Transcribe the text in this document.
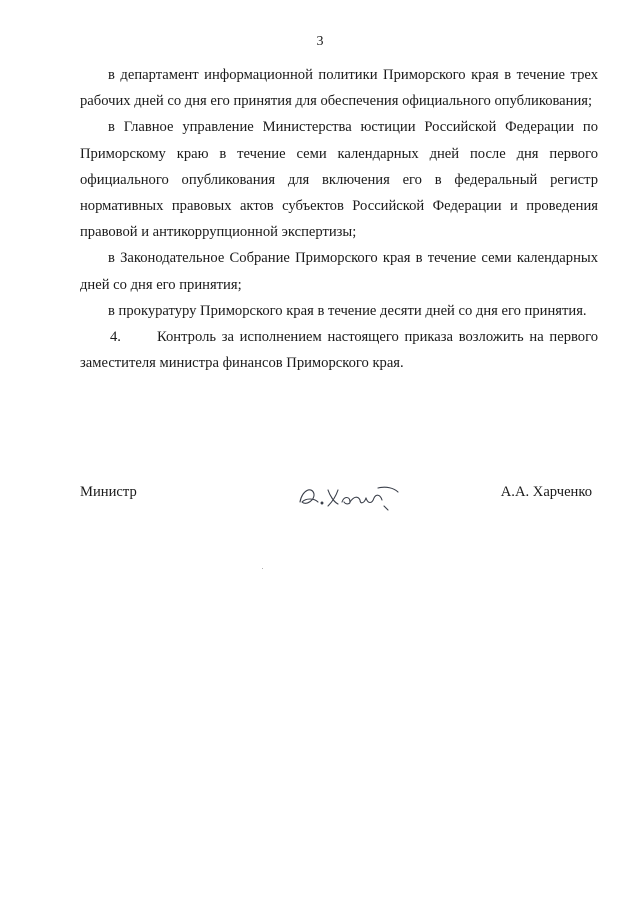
3

в департамент информационной политики Приморского края в течение трех рабочих дней со дня его принятия для обеспечения официального опубликования;

в Главное управление Министерства юстиции Российской Федерации по Приморскому краю в течение семи календарных дней после дня первого официального опубликования для включения его в федеральный регистр нормативных правовых актов субъектов Российской Федерации и проведения правовой и антикоррупционной экспертизы;

в Законодательное Собрание Приморского края в течение семи календарных дней со дня его принятия;

в прокуратуру Приморского края в течение десяти дней со дня его принятия.

4. Контроль за исполнением настоящего приказа возложить на первого заместителя министра финансов Приморского края.

Министр	А.А. Харченко
